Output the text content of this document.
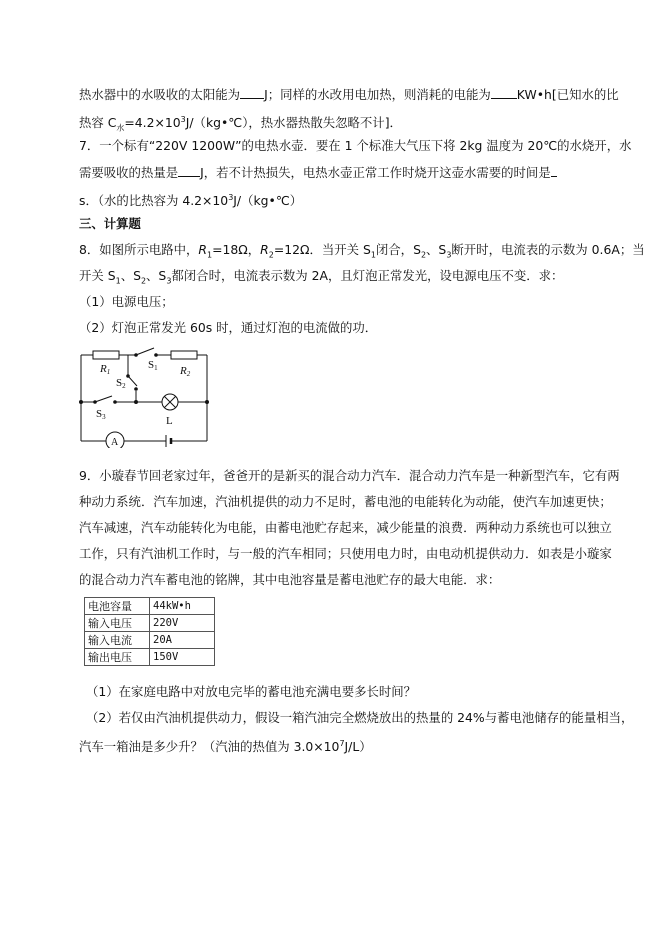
热水器中的水吸收的太阳能为 J；同样的水改用电加热，则消耗的电能为 KW•h[已知水的比
热容 $C_水=4.2\times 10^3J/(kg•℃)$，热水器热散失忽略不计]．
7．一个标有“220V 1200W”的电热水壶．要在 1 个标准大气压下将 2kg 温度为 20℃的水烧开，水
需要吸收的热量是 J，若不计热损失，电热水壶正常工作时烧开这壶水需要的时间是
s．（水的比热容为 $4.2\times 10^3J/(kg•℃)$
三、计算题
8．如图所示电路中，$R_1=18\Omega$，$R_2=12\Omega$．当开关 $S_1$闭合，$S_2$、$S_3$断开时，电流表的示数为 0.6A；当
开关 $S_1$、$S_2$、$S_3$都闭合时，电流表示数为 2A，且灯泡正常发光，设电源电压不变．求：
（1）电源电压；
（2）灯泡正常发光 60s 时，通过灯泡的电流做的功．
R1	R2
S1
S2
S3	L
A
9．小璇春节回老家过年，爸爸开的是新买的混合动力汽车．混合动力汽车是一种新型汽车，它有两
种动力系统．汽车加速，汽油机提供的动力不足时，蓄电池的电能转化为动能，使汽车加速更快；
汽车减速，汽车动能转化为电能，由蓄电池贮存起来，减少能量的浪费．两种动力系统也可以独立
工作，只有汽油机工作时，与一般的汽车相同；只使用电力时，由电动机提供动力．如表是小璇家
的混合动力汽车蓄电池的铭牌，其中电池容量是蓄电池贮存的最大电能．求：
电池容量	44kW•h
输入电压	220V
输入电流	20A
输出电压	150V
（1）在家庭电路中对放电完毕的蓄电池充满电要多长时间？
（2）若仅由汽油机提供动力，假设一箱汽油完全燃烧放出的热量的 24%与蓄电池储存的能量相当，
汽车一箱油是多少升？（汽油的热值为 $3.0\times 10^7J/L$）
